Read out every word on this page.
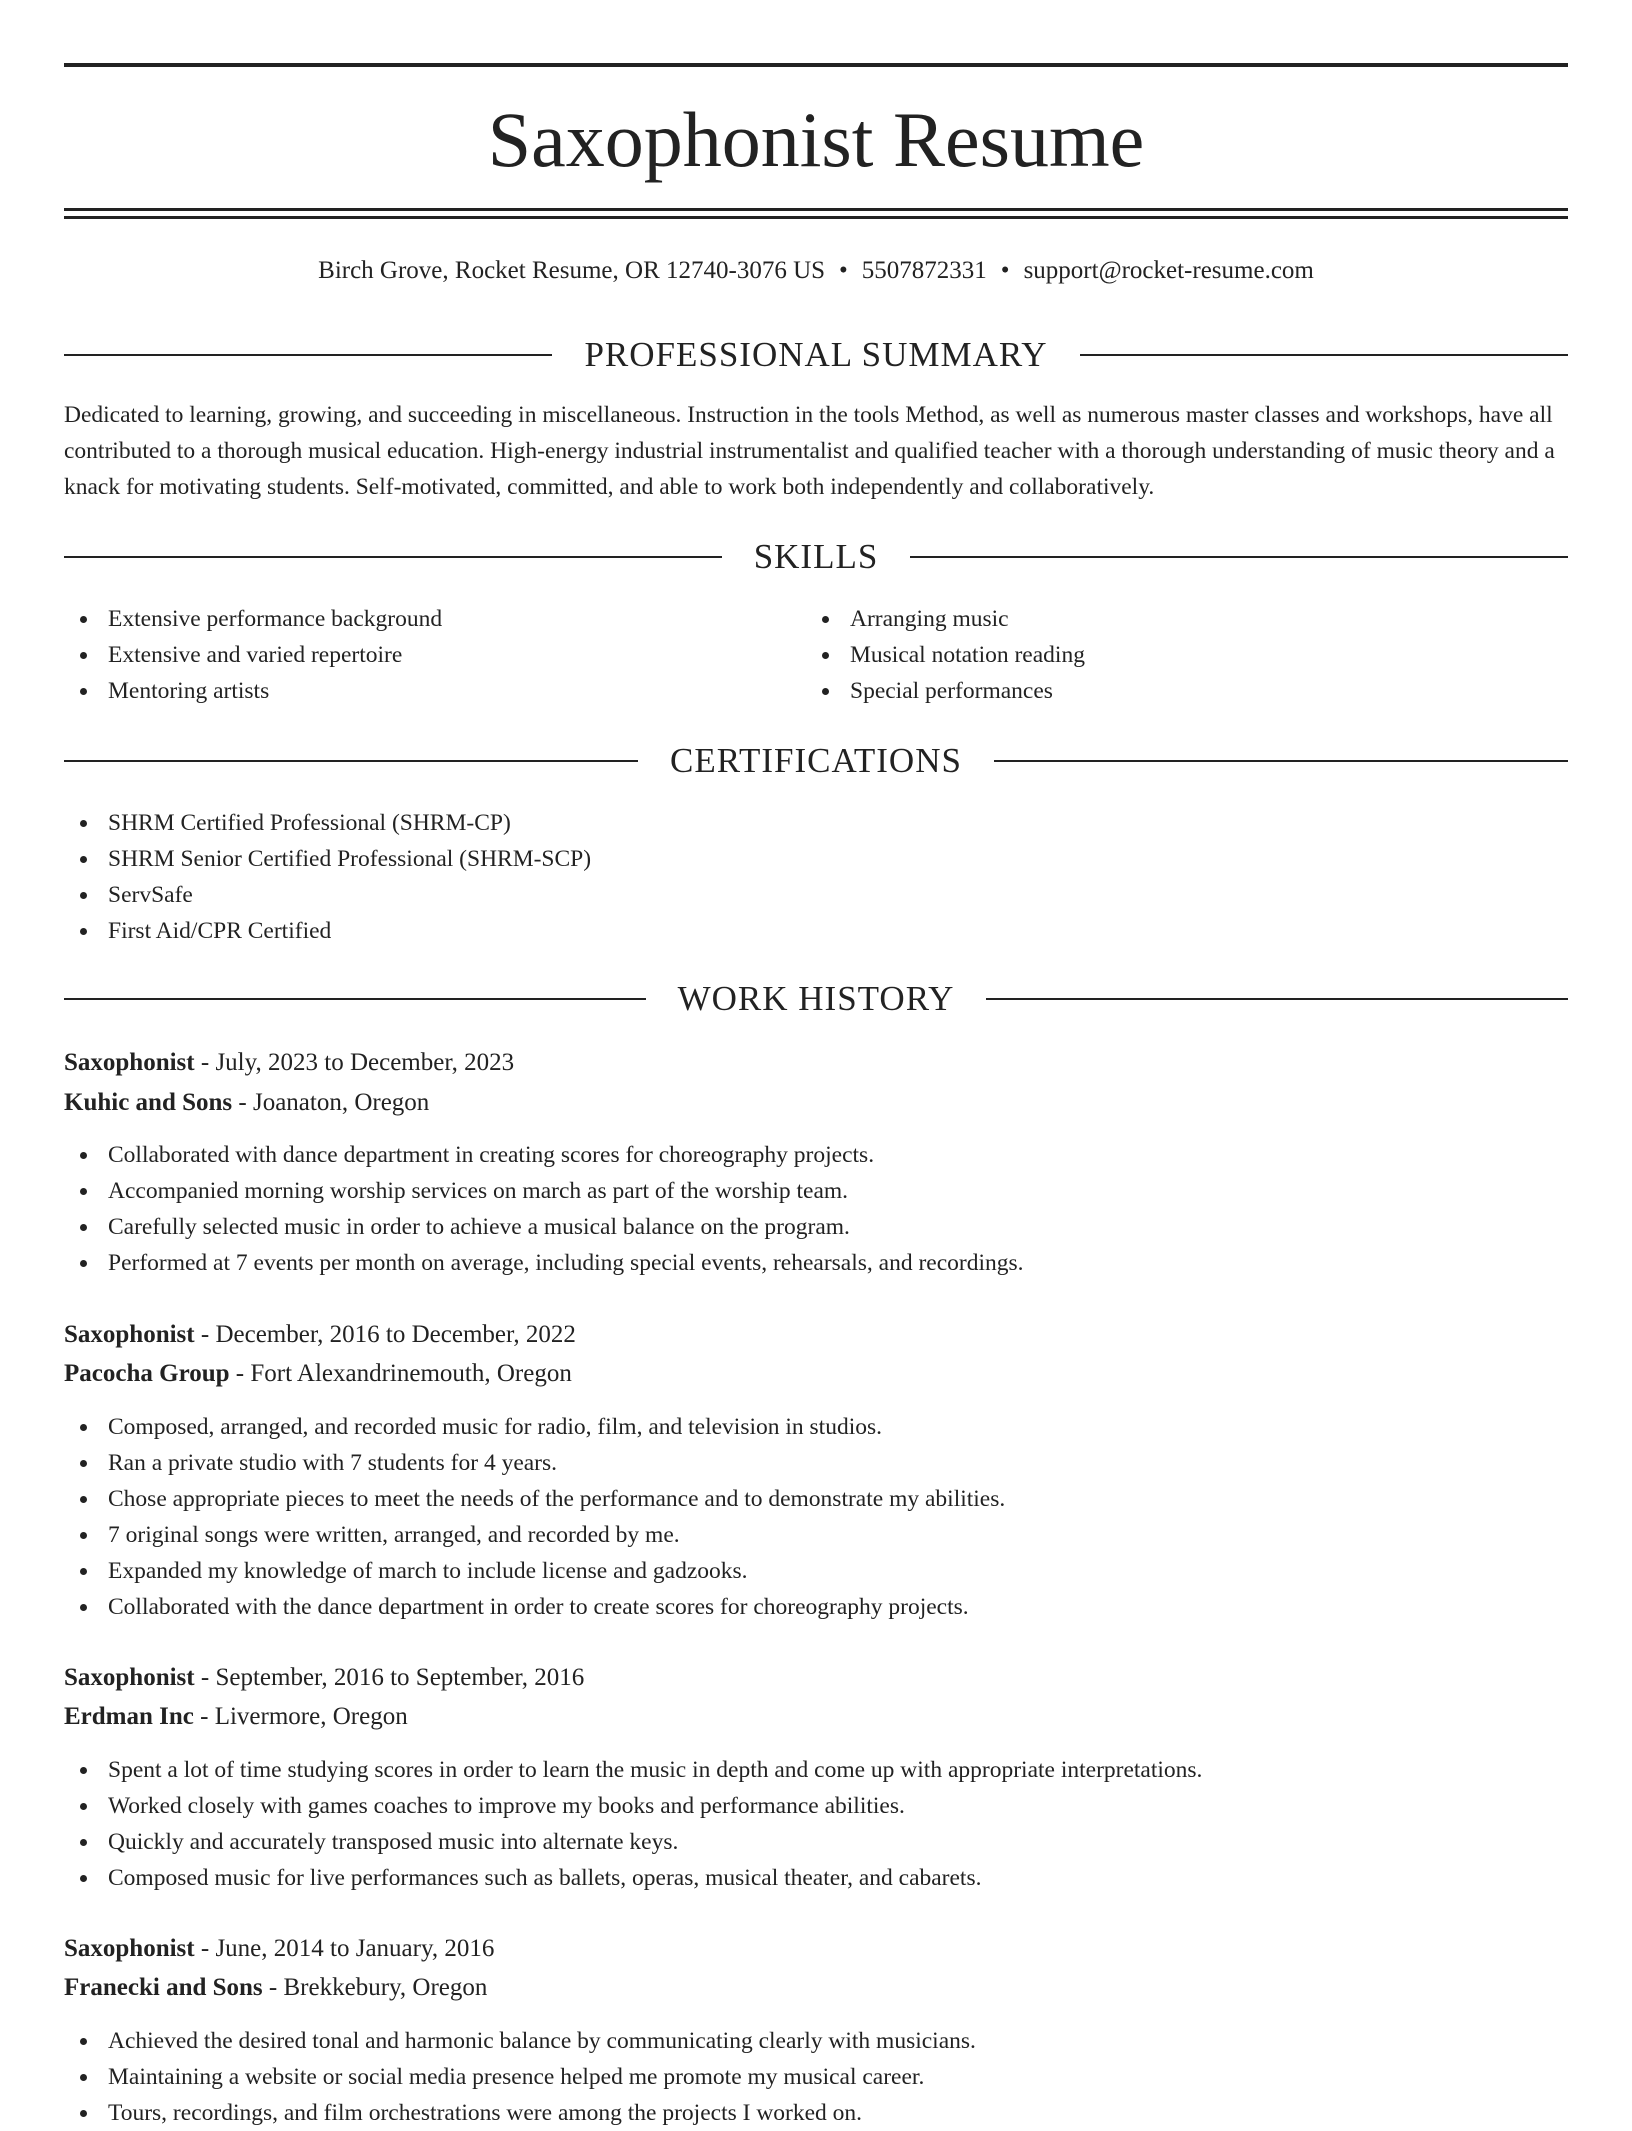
Saxophonist Resume
Birch Grove, Rocket Resume, OR 12740-3076 US • 5507872331 • support@rocket-resume.com
PROFESSIONAL SUMMARY

Dedicated to learning, growing, and succeeding in miscellaneous. Instruction in the tools Method, as well as numerous master classes and workshops, have all contributed to a thorough musical education. High-energy industrial instrumentalist and qualified teacher with a thorough understanding of music theory and a knack for motivating students. Self-motivated, committed, and able to work both independently and collaboratively.

SKILLS
Extensive performance background
Extensive and varied repertoire
Mentoring artists
Arranging music
Musical notation reading
Special performances
CERTIFICATIONS
SHRM Certified Professional (SHRM-CP)
SHRM Senior Certified Professional (SHRM-SCP)
ServSafe
First Aid/CPR Certified
WORK HISTORY
Saxophonist - July, 2023 to December, 2023
Kuhic and Sons - Joanaton, Oregon
Collaborated with dance department in creating scores for choreography projects.
Accompanied morning worship services on march as part of the worship team.
Carefully selected music in order to achieve a musical balance on the program.
Performed at 7 events per month on average, including special events, rehearsals, and recordings.
Saxophonist - December, 2016 to December, 2022
Pacocha Group - Fort Alexandrinemouth, Oregon
Composed, arranged, and recorded music for radio, film, and television in studios.
Ran a private studio with 7 students for 4 years.
Chose appropriate pieces to meet the needs of the performance and to demonstrate my abilities.
7 original songs were written, arranged, and recorded by me.
Expanded my knowledge of march to include license and gadzooks.
Collaborated with the dance department in order to create scores for choreography projects.
Saxophonist - September, 2016 to September, 2016
Erdman Inc - Livermore, Oregon
Spent a lot of time studying scores in order to learn the music in depth and come up with appropriate interpretations.
Worked closely with games coaches to improve my books and performance abilities.
Quickly and accurately transposed music into alternate keys.
Composed music for live performances such as ballets, operas, musical theater, and cabarets.
Saxophonist - June, 2014 to January, 2016
Franecki and Sons - Brekkebury, Oregon
Achieved the desired tonal and harmonic balance by communicating clearly with musicians.
Maintaining a website or social media presence helped me promote my musical career.
Tours, recordings, and film orchestrations were among the projects I worked on.
